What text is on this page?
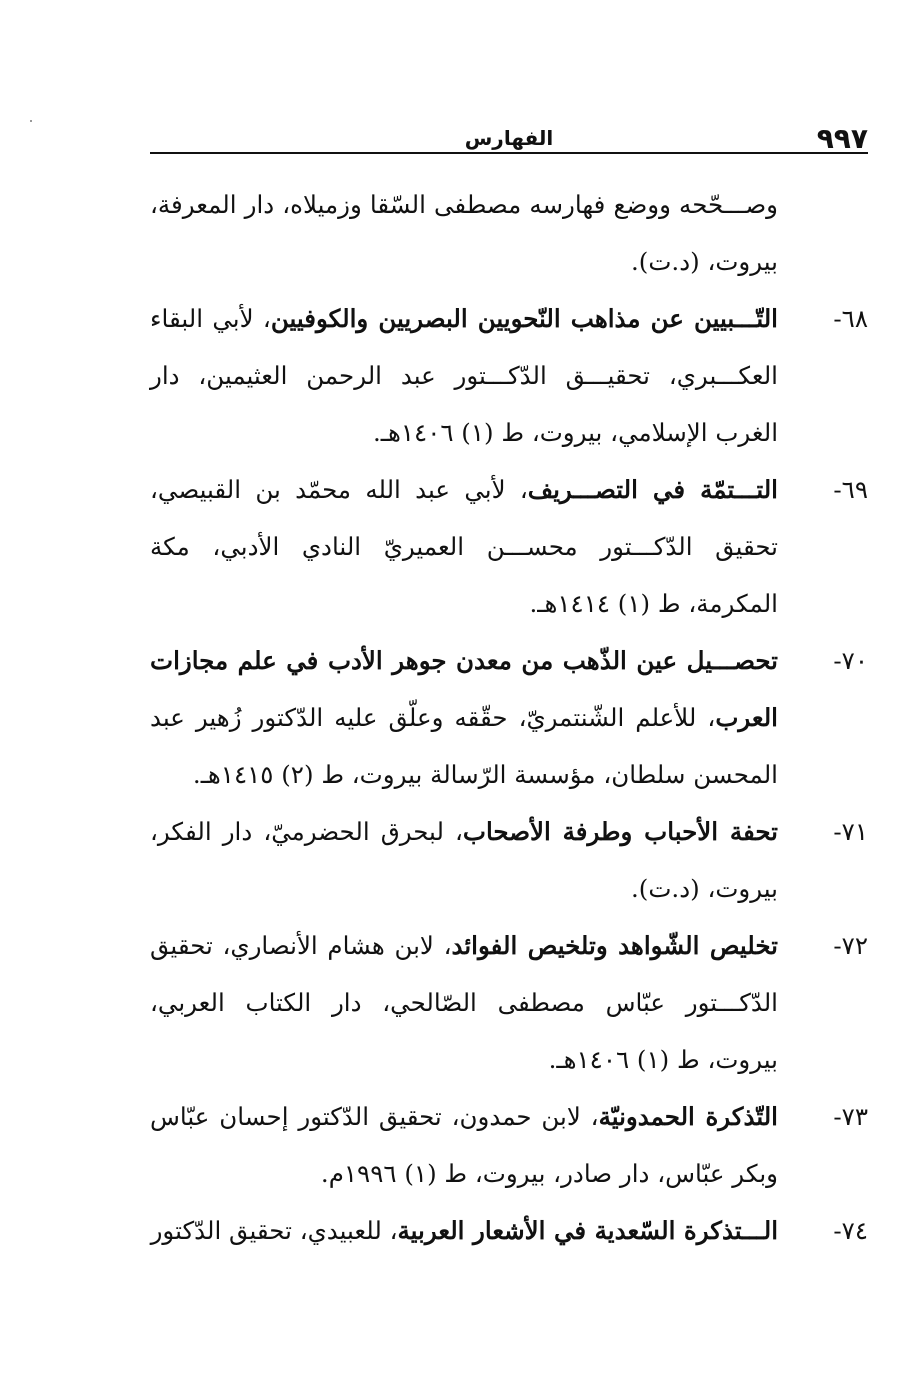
٩٩٧
الفهارس

وصـــحّحه ووضع فهارسه مصطفى السّقا وزميلاه، دار المعرفة، بيروت، (د.ت).

٦٨-
التّـــبيين عن مذاهب النّحويين البصريين والكوفيين، لأبي البقاء العكـــبري، تحقيـــق الدّكـــتور عبد الرحمن العثيمين، دار الغرب الإسلامي، بيروت، ط (١) ١٤٠٦هـ.

٦٩-
التـــتمّة في التصـــريف، لأبي عبد الله محمّد بن القبيصي، تحقيق الدّكـــتور محســـن العميريّ النادي الأدبي، مكة المكرمة، ط (١) ١٤١٤هـ.

٧٠-
تحصـــيل عين الذّهب من معدن جوهر الأدب في علم مجازات العرب، للأعلم الشّنتمريّ، حقّقه وعلّق عليه الدّكتور زُهير عبد المحسن سلطان، مؤسسة الرّسالة بيروت، ط (٢) ١٤١٥هـ.

٧١-
تحفة الأحباب وطرفة الأصحاب، لبحرق الحضرميّ، دار الفكر، بيروت، (د.ت).

٧٢-
تخليص الشّواهد وتلخيص الفوائد، لابن هشام الأنصاري، تحقيق الدّكـــتور عبّاس مصطفى الصّالحي، دار الكتاب العربي، بيروت، ط (١) ١٤٠٦هـ.

٧٣-
التّذكرة الحمدونيّة، لابن حمدون، تحقيق الدّكتور إحسان عبّاس وبكر عبّاس، دار صادر، بيروت، ط (١) ١٩٩٦م.

٧٤-
الـــتذكرة السّعدية في الأشعار العربية، للعبيدي، تحقيق الدّكتور
